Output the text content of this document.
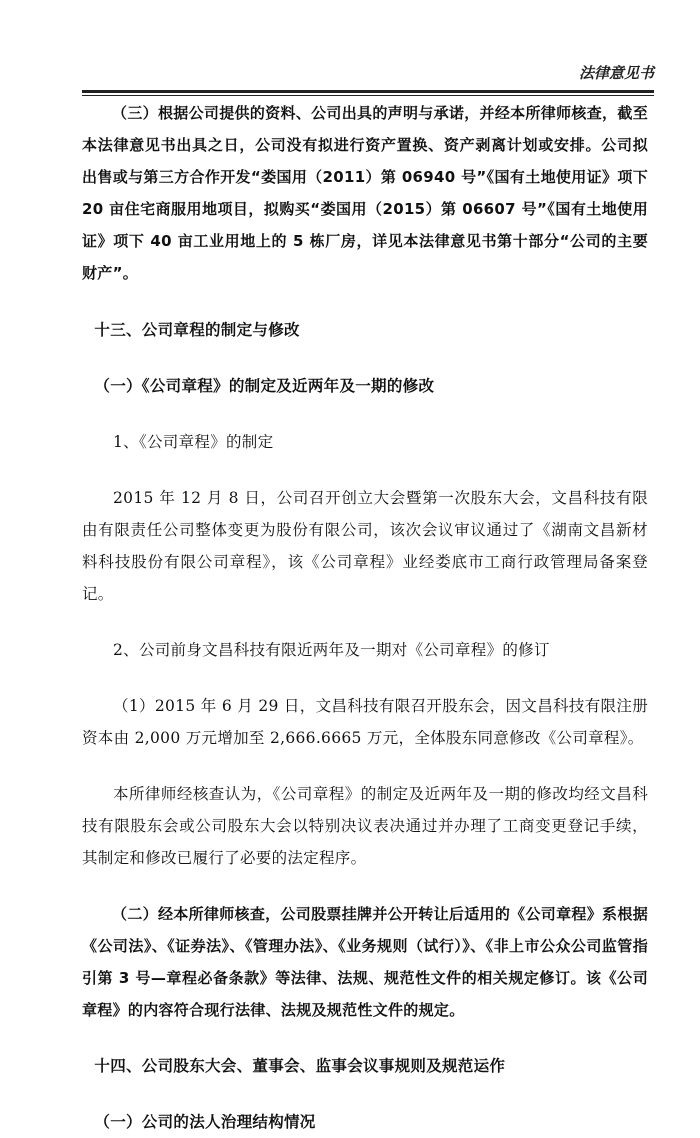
法律意见书

（三）根据公司提供的资料、公司出具的声明与承诺，并经本所律师核查，截至本法律意见书出具之日，公司没有拟进行资产置换、资产剥离计划或安排。公司拟出售或与第三方合作开发“娄国用（2011）第 06940 号”《国有土地使用证》项下 20 亩住宅商服用地项目，拟购买“娄国用（2015）第 06607 号”《国有土地使用证》项下 40 亩工业用地上的 5 栋厂房，详见本法律意见书第十部分“公司的主要财产”。

十三、公司章程的制定与修改

（一）《公司章程》的制定及近两年及一期的修改

1、《公司章程》的制定

2015 年 12 月 8 日，公司召开创立大会暨第一次股东大会，文昌科技有限由有限责任公司整体变更为股份有限公司，该次会议审议通过了《湖南文昌新材料科技股份有限公司章程》，该《公司章程》业经娄底市工商行政管理局备案登记。

2、公司前身文昌科技有限近两年及一期对《公司章程》的修订

（1）2015 年 6 月 29 日，文昌科技有限召开股东会，因文昌科技有限注册资本由 2,000 万元增加至 2,666.6665 万元，全体股东同意修改《公司章程》。

本所律师经核查认为，《公司章程》的制定及近两年及一期的修改均经文昌科技有限股东会或公司股东大会以特别决议表决通过并办理了工商变更登记手续，其制定和修改已履行了必要的法定程序。

（二）经本所律师核查，公司股票挂牌并公开转让后适用的《公司章程》系根据《公司法》、《证券法》、《管理办法》、《业务规则（试行）》、《非上市公众公司监管指引第 3 号—章程必备条款》等法律、法规、规范性文件的相关规定修订。该《公司章程》的内容符合现行法律、法规及规范性文件的规定。

十四、公司股东大会、董事会、监事会议事规则及规范运作

（一）公司的法人治理结构情况
